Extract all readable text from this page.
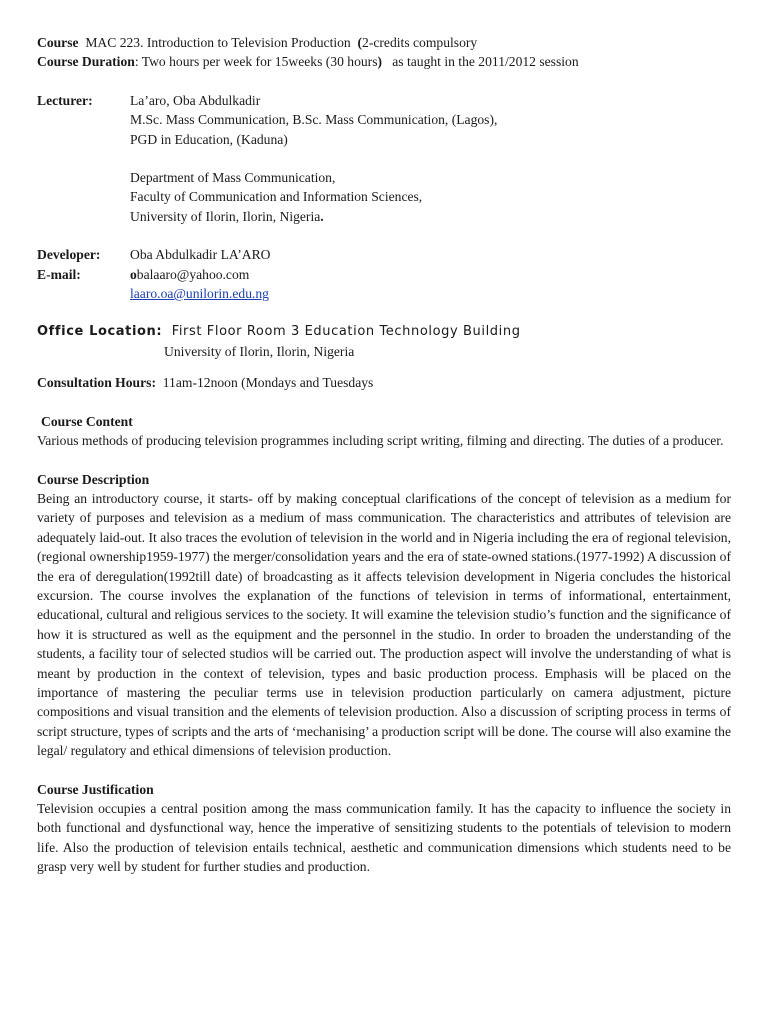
Course MAC 223. Introduction to Television Production (2-credits compulsory
Course Duration: Two hours per week for 15weeks (30 hours) as taught in the 2011/2012 session
Lecturer:	La’aro, Oba Abdulkadir
M.Sc. Mass Communication, B.Sc. Mass Communication, (Lagos),
PGD in Education, (Kaduna)
Department of Mass Communication,
Faculty of Communication and Information Sciences,
University of Ilorin, Ilorin, Nigeria.
Developer:	Oba Abdulkadir LA’ARO
E-mail:	obalaaro@yahoo.com
laaro.oa@unilorin.edu.ng
Office Location: First Floor Room 3 Education Technology Building
University of Ilorin, Ilorin, Nigeria
Consultation Hours: 11am-12noon (Mondays and Tuesdays
Course Content
Various methods of producing television programmes including script writing, filming and directing. The duties of a producer.
Course Description
Being an introductory course, it starts- off by making conceptual clarifications of the concept of television as a medium for variety of purposes and television as a medium of mass communication. The characteristics and attributes of television are adequately laid-out. It also traces the evolution of television in the world and in Nigeria including the era of regional television,(regional ownership1959-1977) the merger/consolidation years and the era of state-owned stations.(1977-1992) A discussion of the era of deregulation(1992till date) of broadcasting as it affects television development in Nigeria concludes the historical excursion. The course involves the explanation of the functions of television in terms of informational, entertainment, educational, cultural and religious services to the society. It will examine the television studio’s function and the significance of how it is structured as well as the equipment and the personnel in the studio. In order to broaden the understanding of the students, a facility tour of selected studios will be carried out. The production aspect will involve the understanding of what is meant by production in the context of television, types and basic production process. Emphasis will be placed on the importance of mastering the peculiar terms use in television production particularly on camera adjustment, picture compositions and visual transition and the elements of television production. Also a discussion of scripting process in terms of script structure, types of scripts and the arts of ‘mechanising’ a production script will be done. The course will also examine the legal/ regulatory and ethical dimensions of television production.
Course Justification
Television occupies a central position among the mass communication family. It has the capacity to influence the society in both functional and dysfunctional way, hence the imperative of sensitizing students to the potentials of television to modern life. Also the production of television entails technical, aesthetic and communication dimensions which students need to be grasp very well by student for further studies and production.
